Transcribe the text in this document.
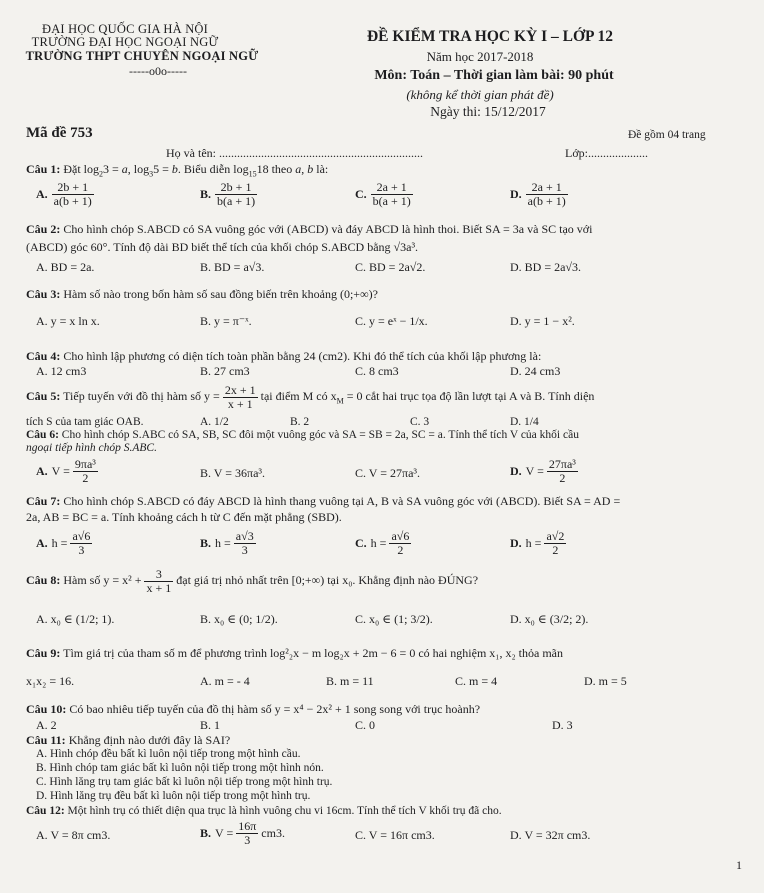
ĐẠI HỌC QUỐC GIA HÀ NỘI
TRƯỜNG ĐẠI HỌC NGOẠI NGỮ
TRƯỜNG THPT CHUYÊN NGOẠI NGỮ
-----o0o-----
ĐỀ KIỂM TRA HỌC KỲ I – LỚP 12
Năm học 2017-2018
Môn: Toán – Thời gian làm bài: 90 phút
(không kể thời gian phát đề)
Ngày thi: 15/12/2017
Mã đề 753	Đề gồm 04 trang
Họ và tên: ....................................................................	Lớp:....................
Câu 1: Đặt $\log_23 = a$, $\log_35 = b$. Biểu diễn $\log_{15}18$ theo a, b là:
A. $\frac{2b + 1}{a(b + 1)}$	B. $\frac{2b + 1}{b(a + 1)}$	C. $\frac{2a + 1}{b(a + 1)}$	D. $\frac{2a + 1}{a(b + 1)}$
Câu 2: Cho hình chóp S.ABCD có SA vuông góc với (ABCD) và đáy ABCD là hình thoi. Biết SA = 3a và SC tạo với
(ABCD) góc 60°. Tính độ dài BD biết thể tích của khối chóp S.ABCD bằng √3a³.
A. BD = 2a.	B. BD = a√3.	C. BD = 2a√2.	D. BD = 2a√3.
Câu 3: Hàm số nào trong bốn hàm số sau đồng biến trên khoảng (0;+∞)?
A. y = x ln x.	B. y = π⁻ˣ.	C. y = eˣ − 1/x.	D. y = 1 − x².
Câu 4: Cho hình lập phương có diện tích toàn phần bằng 24 (cm2). Khi đó thể tích của khối lập phương là:
A. 12 cm3	B. 27 cm3	C. 8 cm3	D. 24 cm3
Câu 5: Tiếp tuyến với đồ thị hàm số $y = \frac{2x + 1}{x + 1}$ tại điểm M có $x_M = 0$ cắt hai trục tọa độ lần lượt tại A và B. Tính diện
tích S của tam giác OAB.	A. 1/2	B. 2	C. 3	D. 1/4
Câu 6: Cho hình chóp S.ABC có SA, SB, SC đôi một vuông góc và SA = SB = 2a, SC = a. Tính thể tích V của khối cầu
ngoại tiếp hình chóp S.ABC.
A. $V = \frac{\text{9πa³}}{2}$	B. V = 36πa³.	C. V = 27πa³.	D. $V = \frac{\text{27πa³}}{2}$
Câu 7: Cho hình chóp S.ABCD có đáy ABCD là hình thang vuông tại A, B và SA vuông góc với (ABCD). Biết SA = AD =
2a, AB = BC = a. Tính khoảng cách h từ C đến mặt phẳng (SBD).
A. $h = \frac{a√6}{3}$	B. $h = \frac{a√3}{3}$	C. $h = \frac{a√6}{2}$	D. $h = \frac{a√2}{2}$
Câu 8: Hàm số $y = x^2 + \frac{3}{x + 1}$ đạt giá trị nhỏ nhất trên [0;+∞) tại x₀. Khẳng định nào ĐÚNG?
A. x₀ ∈ (1/2; 1).	B. x₀ ∈ (0; 1/2).	C. x₀ ∈ (1; 3/2).	D. x₀ ∈ (3/2; 2).
Câu 9: Tìm giá trị của tham số m để phương trình log²₂x − m log₂x + 2m − 6 = 0 có hai nghiệm x₁, x₂ thỏa mãn
x₁x₂ = 16.	A. m = - 4	B. m = 11	C. m = 4	D. m = 5
Câu 10: Có bao nhiêu tiếp tuyến của đồ thị hàm số y = x⁴ − 2x² + 1 song song với trục hoành?
A. 2	B. 1	C. 0	D. 3
Câu 11: Khẳng định nào dưới đây là SAI?
A. Hình chóp đều bất kì luôn nội tiếp trong một hình cầu.
B. Hình chóp tam giác bất kì luôn nội tiếp trong một hình nón.
C. Hình lăng trụ tam giác bất kì luôn nội tiếp trong một hình trụ.
D. Hình lăng trụ đều bất kì luôn nội tiếp trong một hình trụ.
Câu 12: Một hình trụ có thiết diện qua trục là hình vuông chu vi 16cm. Tính thể tích V khối trụ đã cho.
A. V = 8π cm3.	B. $V = \frac{16\pi}{3} cm3$.	C. V = 16π cm3.	D. V = 32π cm3.
1
